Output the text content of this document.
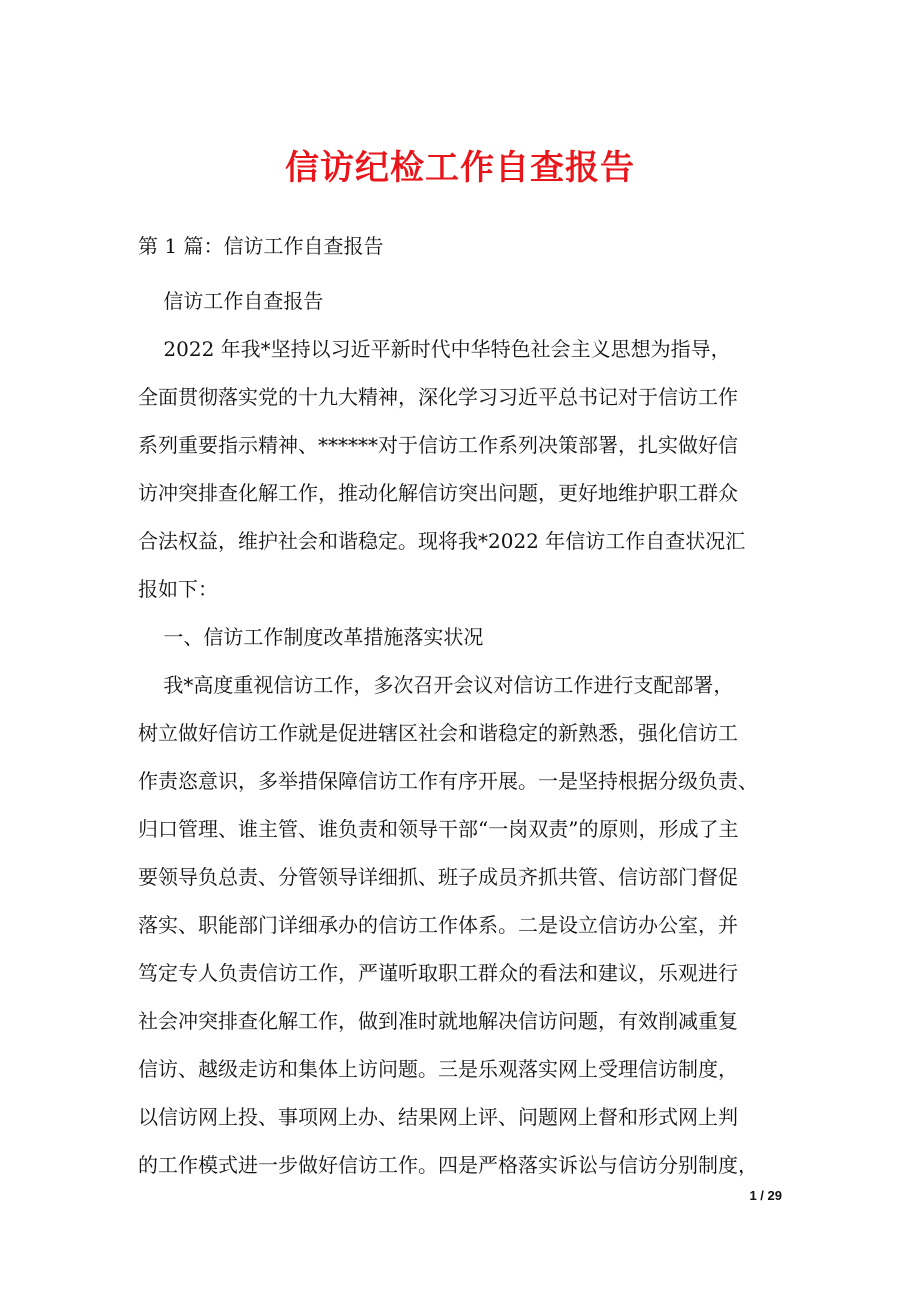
信访纪检工作自查报告
第 1 篇：信访工作自查报告
信访工作自查报告
2022 年我*坚持以习近平新时代中华特色社会主义思想为指导，
全面贯彻落实党的十九大精神，深化学习习近平总书记对于信访工作
系列重要指示精神、******对于信访工作系列决策部署，扎实做好信
访冲突排查化解工作，推动化解信访突出问题，更好地维护职工群众
合法权益，维护社会和谐稳定。现将我*2022 年信访工作自查状况汇
报如下：
一、信访工作制度改革措施落实状况
我*高度重视信访工作，多次召开会议对信访工作进行支配部署，
树立做好信访工作就是促进辖区社会和谐稳定的新熟悉，强化信访工
作责恣意识，多举措保障信访工作有序开展。一是坚持根据分级负责、
归口管理、谁主管、谁负责和领导干部“一岗双责”的原则，形成了主
要领导负总责、分管领导详细抓、班子成员齐抓共管、信访部门督促
落实、职能部门详细承办的信访工作体系。二是设立信访办公室，并
笃定专人负责信访工作，严谨听取职工群众的看法和建议，乐观进行
社会冲突排查化解工作，做到准时就地解决信访问题，有效削减重复
信访、越级走访和集体上访问题。三是乐观落实网上受理信访制度，
以信访网上投、事项网上办、结果网上评、问题网上督和形式网上判
的工作模式进一步做好信访工作。四是严格落实诉讼与信访分别制度，
1 / 29
